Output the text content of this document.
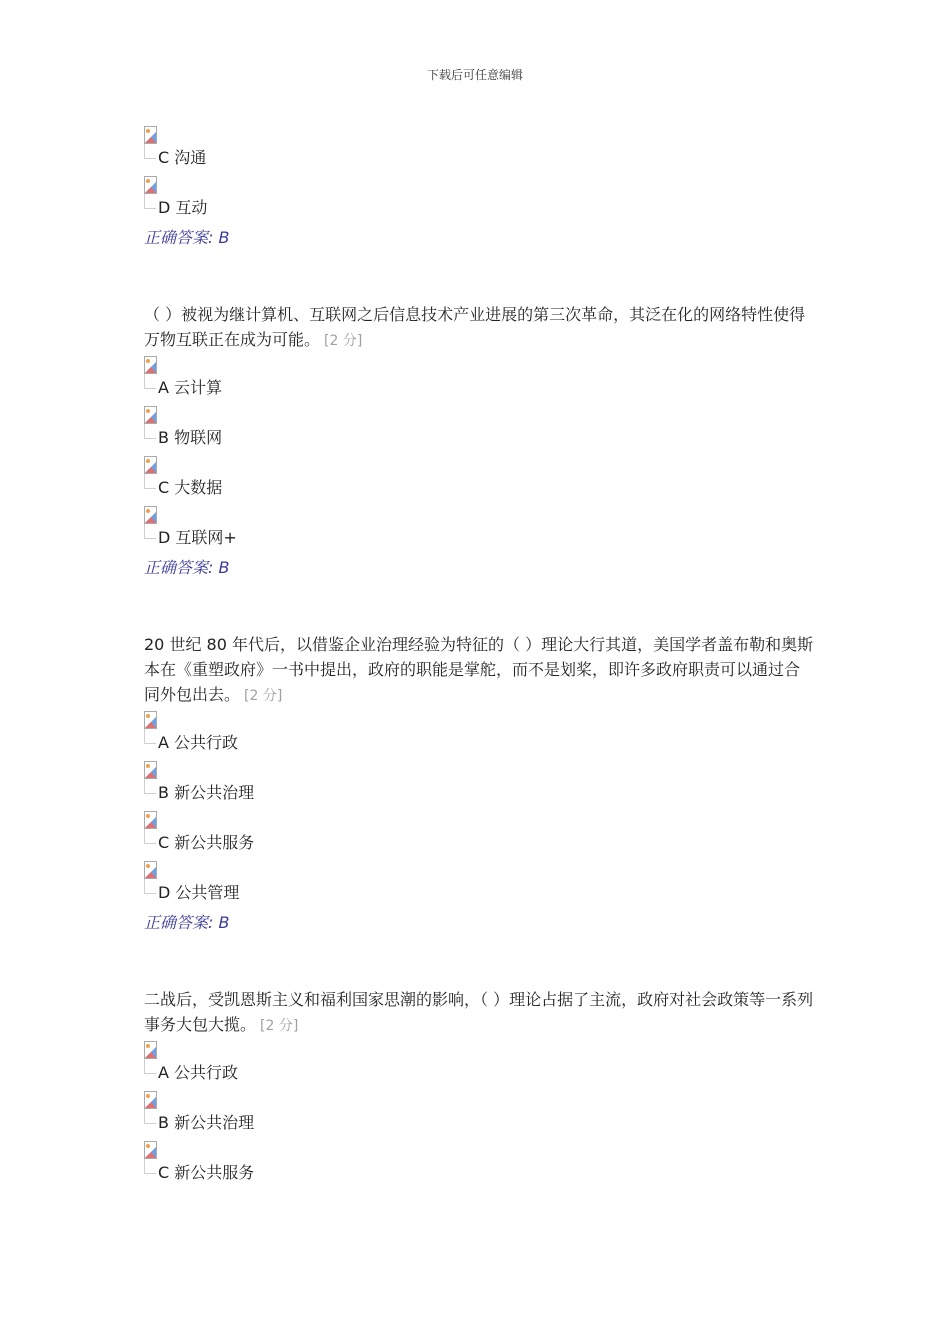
下载后可任意编辑
C 沟通
D 互动
正确答案: B
（ ）被视为继计算机、互联网之后信息技术产业进展的第三次革命，其泛在化的网络特性使得万物互联正在成为可能。 [2 分]
A 云计算
B 物联网
C 大数据
D 互联网+
正确答案: B
20 世纪 80 年代后，以借鉴企业治理经验为特征的（ ）理论大行其道，美国学者盖布勒和奥斯本在《重塑政府》一书中提出，政府的职能是掌舵，而不是划桨，即许多政府职责可以通过合同外包出去。 [2 分]
A 公共行政
B 新公共治理
C 新公共服务
D 公共管理
正确答案: B
二战后，受凯恩斯主义和福利国家思潮的影响，（ ）理论占据了主流，政府对社会政策等一系列事务大包大揽。 [2 分]
A 公共行政
B 新公共治理
C 新公共服务
